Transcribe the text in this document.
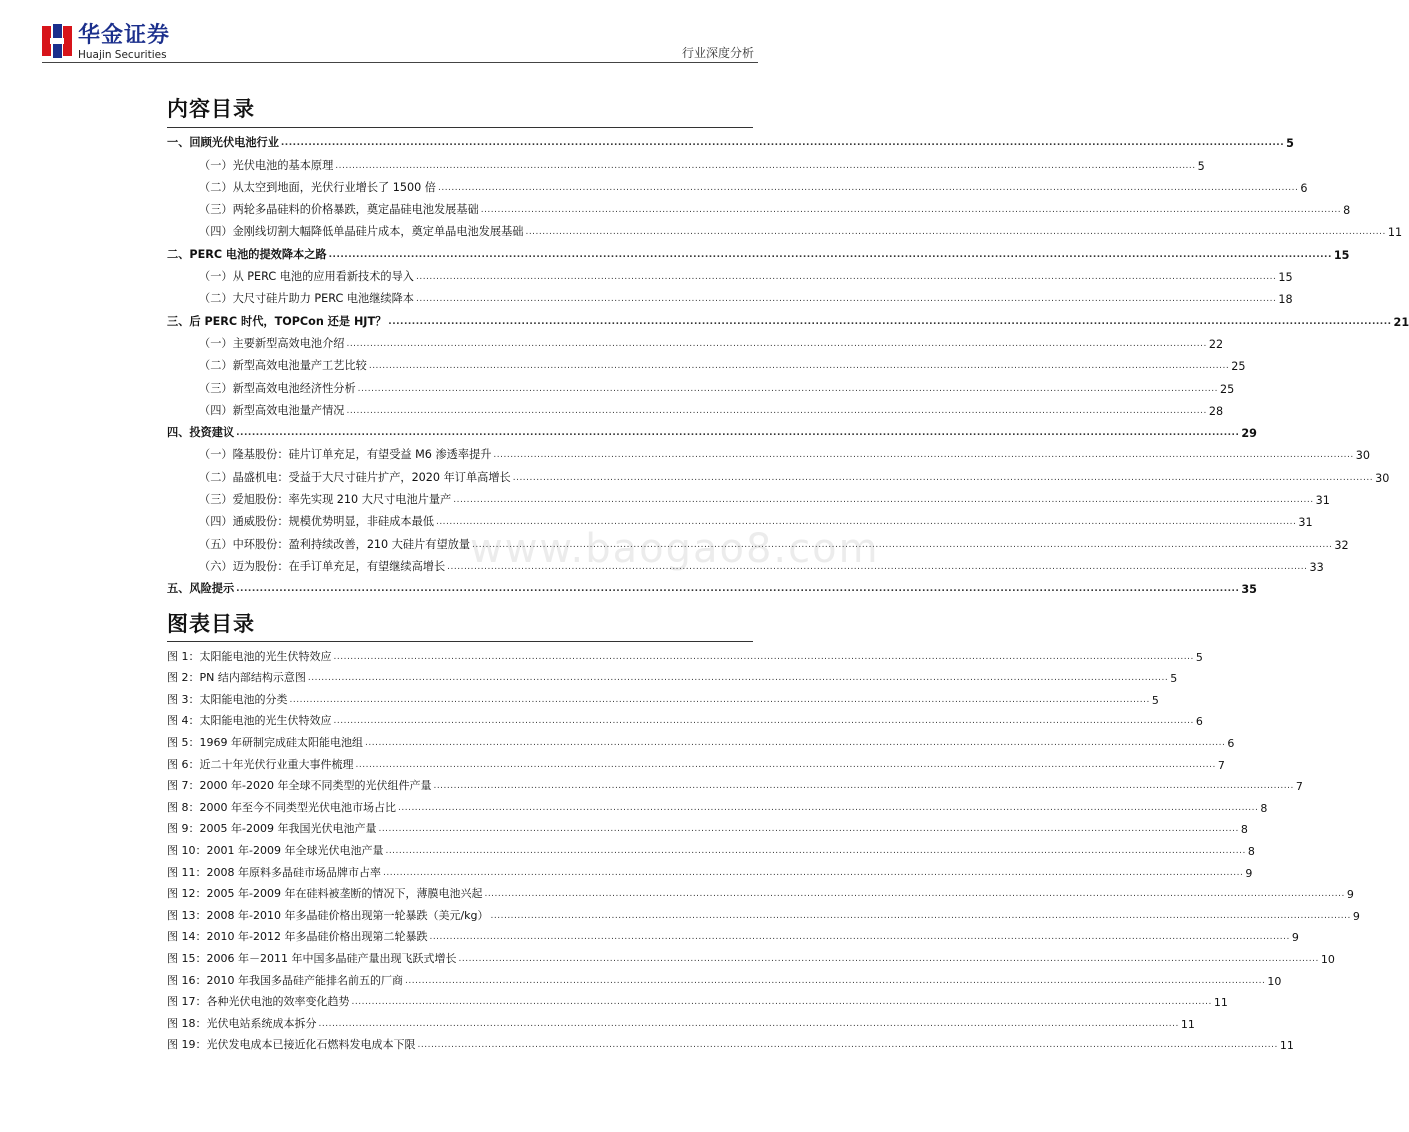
华金证券
Huajin Securities	行业深度分析
内容目录
一、回顾光伏电池行业 .....	5
（一）光伏电池的基本原理 .....	5
（二）从太空到地面，光伏行业增长了 1500 倍 .....	6
（三）两轮多晶硅料的价格暴跌，奠定晶硅电池发展基础 .....	8
（四）金刚线切割大幅降低单晶硅片成本，奠定单晶电池发展基础 .....	11
二、PERC 电池的提效降本之路 .....	15
（一）从 PERC 电池的应用看新技术的导入 .....	15
（二）大尺寸硅片助力 PERC 电池继续降本 .....	18
三、后 PERC 时代，TOPCon 还是 HJT？ .....	21
（一）主要新型高效电池介绍 .....	22
（二）新型高效电池量产工艺比较 .....	25
（三）新型高效电池经济性分析 .....	25
（四）新型高效电池量产情况 .....	28
四、投资建议 .....	29
（一）隆基股份：硅片订单充足，有望受益 M6 渗透率提升 .....	30
（二）晶盛机电：受益于大尺寸硅片扩产，2020 年订单高增长 .....	30
（三）爱旭股份：率先实现 210 大尺寸电池片量产 .....	31
（四）通威股份：规模优势明显，非硅成本最低 .....	31
（五）中环股份：盈利持续改善，210 大硅片有望放量 .....	32
（六）迈为股份：在手订单充足，有望继续高增长 .....	33
五、风险提示 .....	35
图表目录
图 1：太阳能电池的光生伏特效应 .....	5
图 2：PN 结内部结构示意图 .....	5
图 3：太阳能电池的分类 .....	5
图 4：太阳能电池的光生伏特效应 .....	6
图 5：1969 年研制完成硅太阳能电池组 .....	6
图 6：近二十年光伏行业重大事件梳理 .....	7
图 7：2000 年-2020 年全球不同类型的光伏组件产量 .....	7
图 8：2000 年至今不同类型光伏电池市场占比 .....	8
图 9：2005 年-2009 年我国光伏电池产量 .....	8
图 10：2001 年-2009 年全球光伏电池产量 .....	8
图 11：2008 年原料多晶硅市场品牌市占率 .....	9
图 12：2005 年-2009 年在硅料被垄断的情况下，薄膜电池兴起 .....	9
图 13：2008 年-2010 年多晶硅价格出现第一轮暴跌（美元/kg） .....	9
图 14：2010 年-2012 年多晶硅价格出现第二轮暴跌 .....	9
图 15：2006 年－2011 年中国多晶硅产量出现飞跃式增长 .....	10
图 16：2010 年我国多晶硅产能排名前五的厂商 .....	10
图 17：各种光伏电池的效率变化趋势 .....	11
图 18：光伏电站系统成本拆分 .....	11
图 19：光伏发电成本已接近化石燃料发电成本下限 .....	11
www.baogao8.com
